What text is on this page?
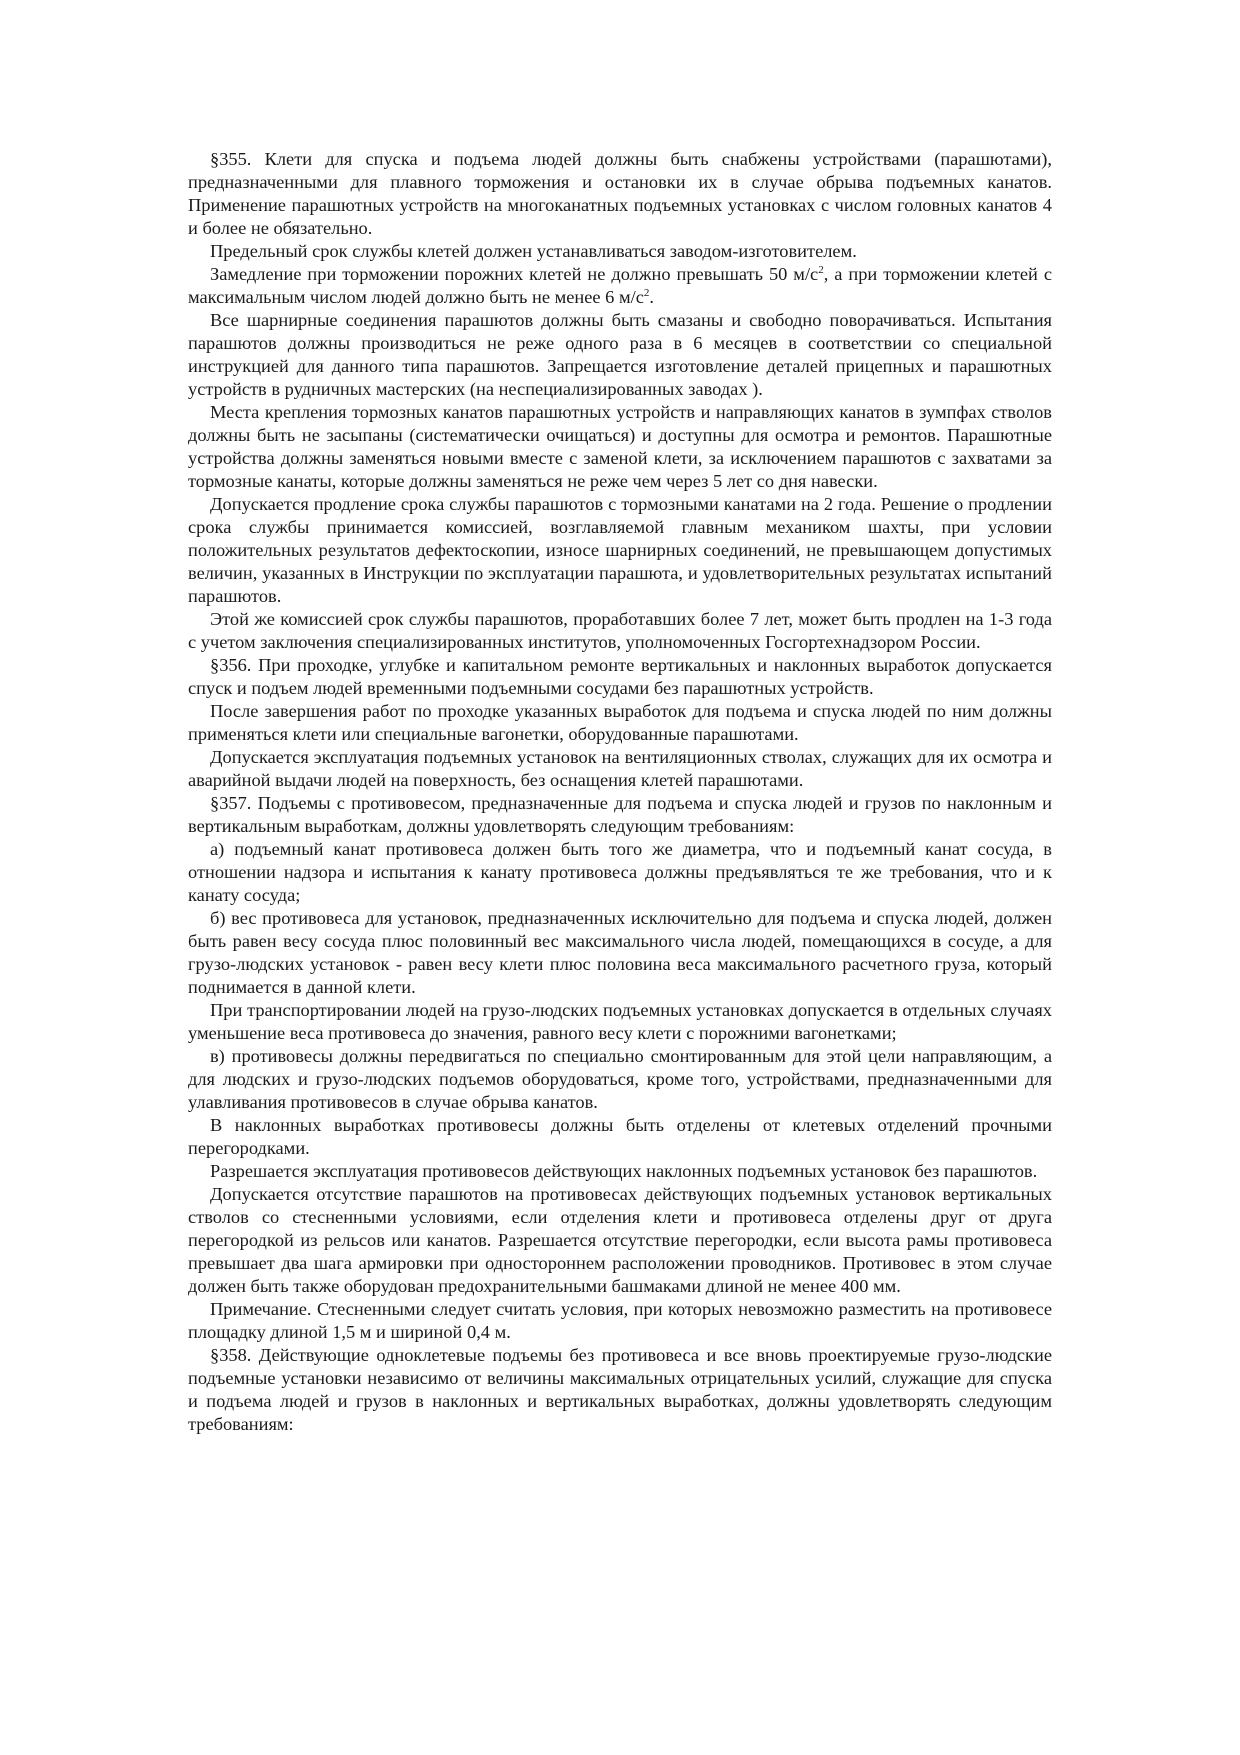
§355. Клети для спуска и подъема людей должны быть снабжены устройствами (парашютами), предназначенными для плавного торможения и остановки их в случае обрыва подъемных канатов. Применение парашютных устройств на многоканатных подъемных установках с числом головных канатов 4 и более не обязательно.

Предельный срок службы клетей должен устанавливаться заводом-изготовителем.

Замедление при торможении порожних клетей не должно превышать 50 $м/с^2$, а при торможении клетей с максимальным числом людей должно быть не менее 6 $м/с^2$.

Все шарнирные соединения парашютов должны быть смазаны и свободно поворачиваться. Испытания парашютов должны производиться не реже одного раза в 6 месяцев в соответствии со специальной инструкцией для данного типа парашютов. Запрещается изготовление деталей прицепных и парашютных устройств в рудничных мастерских (на неспециализированных заводах ).

Места крепления тормозных канатов парашютных устройств и направляющих канатов в зумпфах стволов должны быть не засыпаны (систематически очищаться) и доступны для осмотра и ремонтов. Парашютные устройства должны заменяться новыми вместе с заменой клети, за исключением парашютов с захватами за тормозные канаты, которые должны заменяться не реже чем через 5 лет со дня навески.

Допускается продление срока службы парашютов с тормозными канатами на 2 года. Решение о продлении срока службы принимается комиссией, возглавляемой главным механиком шахты, при условии положительных результатов дефектоскопии, износе шарнирных соединений, не превышающем допустимых величин, указанных в Инструкции по эксплуатации парашюта, и удовлетворительных результатах испытаний парашютов.

Этой же комиссией срок службы парашютов, проработавших более 7 лет, может быть продлен на 1-3 года с учетом заключения специализированных институтов, уполномоченных Госгортехнадзором России.

§356. При проходке, углубке и капитальном ремонте вертикальных и наклонных выработок допускается спуск и подъем людей временными подъемными сосудами без парашютных устройств.

После завершения работ по проходке указанных выработок для подъема и спуска людей по ним должны применяться клети или специальные вагонетки, оборудованные парашютами.

Допускается эксплуатация подъемных установок на вентиляционных стволах, служащих для их осмотра и аварийной выдачи людей на поверхность, без оснащения клетей парашютами.

§357. Подъемы с противовесом, предназначенные для подъема и спуска людей и грузов по наклонным и вертикальным выработкам, должны удовлетворять следующим требованиям:

а) подъемный канат противовеса должен быть того же диаметра, что и подъемный канат сосуда, в отношении надзора и испытания к канату противовеса должны предъявляться те же требования, что и к канату сосуда;

б) вес противовеса для установок, предназначенных исключительно для подъема и спуска людей, должен быть равен весу сосуда плюс половинный вес максимального числа людей, помещающихся в сосуде, а для грузо-людских установок - равен весу клети плюс половина веса максимального расчетного груза, который поднимается в данной клети.

При транспортировании людей на грузо-людских подъемных установках допускается в отдельных случаях уменьшение веса противовеса до значения, равного весу клети с порожними вагонетками;

в) противовесы должны передвигаться по специально смонтированным для этой цели направляющим, а для людских и грузо-людских подъемов оборудоваться, кроме того, устройствами, предназначенными для улавливания противовесов в случае обрыва канатов.

В наклонных выработках противовесы должны быть отделены от клетевых отделений прочными перегородками.

Разрешается эксплуатация противовесов действующих наклонных подъемных установок без парашютов.

Допускается отсутствие парашютов на противовесах действующих подъемных установок вертикальных стволов со стесненными условиями, если отделения клети и противовеса отделены друг от друга перегородкой из рельсов или канатов. Разрешается отсутствие перегородки, если высота рамы противовеса превышает два шага армировки при одностороннем расположении проводников. Противовес в этом случае должен быть также оборудован предохранительными башмаками длиной не менее 400 мм.

Примечание. Стесненными следует считать условия, при которых невозможно разместить на противовесе площадку длиной 1,5 м и шириной 0,4 м.

§358. Действующие одноклетевые подъемы без противовеса и все вновь проектируемые грузо-людские подъемные установки независимо от величины максимальных отрицательных усилий, служащие для спуска и подъема людей и грузов в наклонных и вертикальных выработках, должны удовлетворять следующим требованиям:
